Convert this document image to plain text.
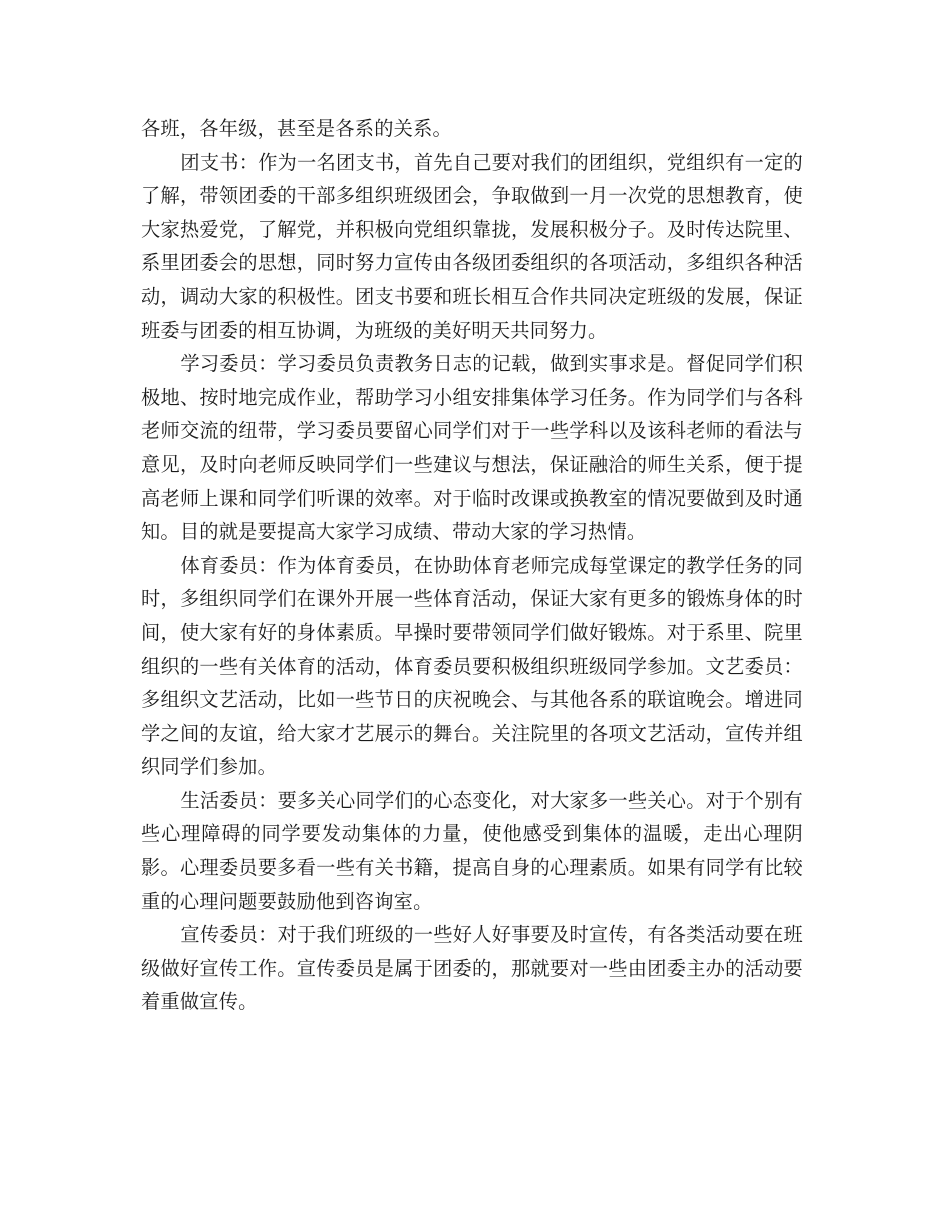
各班，各年级，甚至是各系的关系。

团支书：作为一名团支书，首先自己要对我们的团组织，党组织有一定的了解，带领团委的干部多组织班级团会，争取做到一月一次党的思想教育，使大家热爱党，了解党，并积极向党组织靠拢，发展积极分子。及时传达院里、系里团委会的思想，同时努力宣传由各级团委组织的各项活动，多组织各种活动，调动大家的积极性。团支书要和班长相互合作共同决定班级的发展，保证班委与团委的相互协调，为班级的美好明天共同努力。

学习委员：学习委员负责教务日志的记载，做到实事求是。督促同学们积极地、按时地完成作业，帮助学习小组安排集体学习任务。作为同学们与各科老师交流的纽带，学习委员要留心同学们对于一些学科以及该科老师的看法与意见，及时向老师反映同学们一些建议与想法，保证融洽的师生关系，便于提高老师上课和同学们听课的效率。对于临时改课或换教室的情况要做到及时通知。目的就是要提高大家学习成绩、带动大家的学习热情。

体育委员：作为体育委员，在协助体育老师完成每堂课定的教学任务的同时，多组织同学们在课外开展一些体育活动，保证大家有更多的锻炼身体的时间，使大家有好的身体素质。早操时要带领同学们做好锻炼。对于系里、院里组织的一些有关体育的活动，体育委员要积极组织班级同学参加。文艺委员：多组织文艺活动，比如一些节日的庆祝晚会、与其他各系的联谊晚会。增进同学之间的友谊，给大家才艺展示的舞台。关注院里的各项文艺活动，宣传并组织同学们参加。

生活委员：要多关心同学们的心态变化，对大家多一些关心。对于个别有些心理障碍的同学要发动集体的力量，使他感受到集体的温暖，走出心理阴影。心理委员要多看一些有关书籍，提高自身的心理素质。如果有同学有比较重的心理问题要鼓励他到咨询室。

宣传委员：对于我们班级的一些好人好事要及时宣传，有各类活动要在班级做好宣传工作。宣传委员是属于团委的，那就要对一些由团委主办的活动要着重做宣传。
